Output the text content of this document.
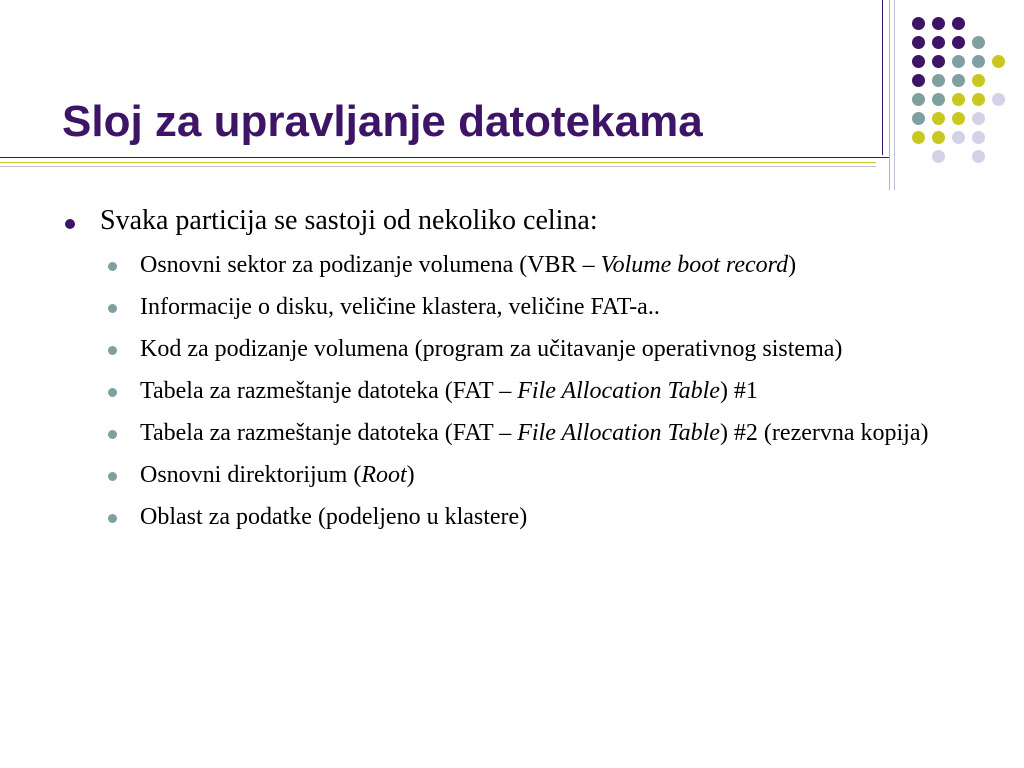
Sloj za upravljanje datotekama
Svaka particija se sastoji od nekoliko celina:
Osnovni sektor za podizanje volumena (VBR – Volume boot record)
Informacije o disku, veličine klastera, veličine FAT-a..
Kod za podizanje volumena (program za učitavanje operativnog sistema)
Tabela za razmeštanje datoteka (FAT – File Allocation Table) #1
Tabela za razmeštanje datoteka (FAT – File Allocation Table) #2 (rezervna kopija)
Osnovni direktorijum (Root)
Oblast za podatke (podeljeno u klastere)
